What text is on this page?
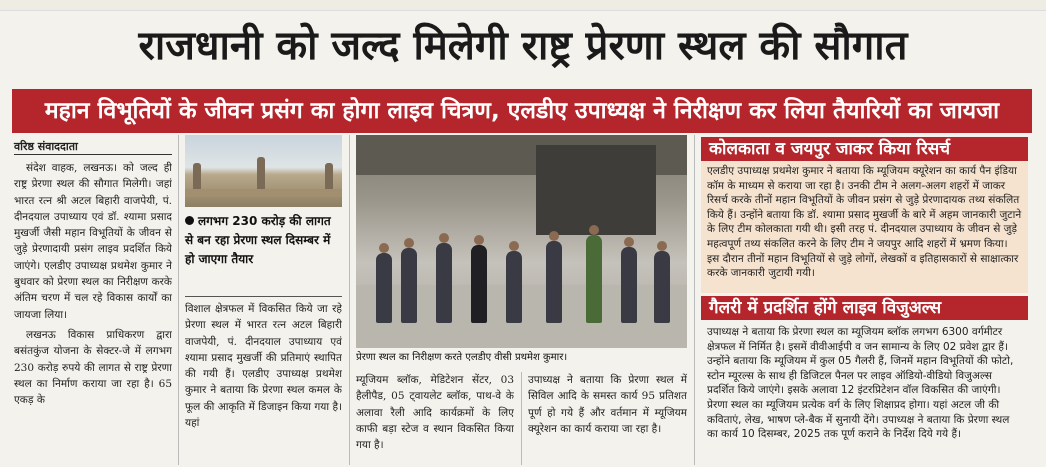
राजधानी को जल्द मिलेगी राष्ट्र प्रेरणा स्थल की सौगात
महान विभूतियों के जीवन प्रसंग का होगा लाइव चित्रण, एलडीए उपाध्यक्ष ने निरीक्षण कर लिया तैयारियों का जायजा
वरिष्ठ संवाददाता
संदेश वाहक, लखनऊ। को जल्द ही राष्ट्र प्रेरणा स्थल की सौगात मिलेगी। जहां भारत रत्न श्री अटल बिहारी वाजपेयी, पं. दीनदयाल उपाध्याय एवं डॉ. श्यामा प्रसाद मुखर्जी जैसी महान विभूतियों के जीवन से जुड़े प्रेरणादायी प्रसंग लाइव प्रदर्शित किये जाएंगे। एलडीए उपाध्यक्ष प्रथमेश कुमार ने बुधवार को प्रेरणा स्थल का निरीक्षण करके अंतिम चरण में चल रहे विकास कार्यों का जायजा लिया।
लखनऊ विकास प्राधिकरण द्वारा बसंतकुंज योजना के सेक्टर-जे में लगभग 230 करोड़ रुपये की लागत से राष्ट्र प्रेरणा स्थल का निर्माण कराया जा रहा है। 65 एकड़ के
लगभग 230 करोड़ की लागत से बन रहा प्रेरणा स्थल दिसम्बर में हो जाएगा तैयार
विशाल क्षेत्रफल में विकसित किये जा रहे प्रेरणा स्थल में भारत रत्न अटल बिहारी वाजपेयी, पं. दीनदयाल उपाध्याय एवं श्यामा प्रसाद मुखर्जी की प्रतिमाएं स्थापित की गयी हैं। एलडीए उपाध्यक्ष प्रथमेश कुमार ने बताया कि प्रेरणा स्थल कमल के फूल की आकृति में डिजाइन किया गया है। यहां
प्रेरणा स्थल का निरीक्षण करते एलडीए वीसी प्रथमेश कुमार।
म्यूजियम ब्लॉक, मेडिटेशन सेंटर, 03 हैलीपैड, 05 ट्वायलेट ब्लॉक, पाथ-वे के अलावा रैली आदि कार्यक्रमों के लिए काफी बड़ा स्टेज व स्थान विकसित किया गया है।
उपाध्यक्ष ने बताया कि प्रेरणा स्थल में सिविल आदि के समस्त कार्य 95 प्रतिशत पूर्ण हो गये हैं और वर्तमान में म्यूजियम क्यूरेशन का कार्य कराया जा रहा है।
कोलकाता व जयपुर जाकर किया रिसर्च
एलडीए उपाध्यक्ष प्रथमेश कुमार ने बताया कि म्यूजियम क्यूरेशन का कार्य पैन इंडिया कॉम के माध्यम से कराया जा रहा है। उनकी टीम ने अलग-अलग शहरों में जाकर रिसर्च करके तीनों महान विभूतियों के जीवन प्रसंग से जुड़े प्रेरणादायक तथ्य संकलित किये हैं। उन्होंने बताया कि डॉ. श्यामा प्रसाद मुखर्जी के बारे में अहम जानकारी जुटाने के लिए टीम कोलकाता गयी थी। इसी तरह पं. दीनदयाल उपाध्याय के जीवन से जुड़े महत्वपूर्ण तथ्य संकलित करने के लिए टीम ने जयपुर आदि शहरों में भ्रमण किया। इस दौरान तीनों महान विभूतियों से जुड़े लोगों, लेखकों व इतिहासकारों से साक्षात्कार करके जानकारी जुटायी गयी।
गैलरी में प्रदर्शित होंगे लाइव विजुअल्स
उपाध्यक्ष ने बताया कि प्रेरणा स्थल का म्यूजियम ब्लॉक लगभग 6300 वर्गमीटर क्षेत्रफल में निर्मित है। इसमें वीवीआईपी व जन सामान्य के लिए 02 प्रवेश द्वार हैं। उन्होंने बताया कि म्यूजियम में कुल 05 गैलरी हैं, जिनमें महान विभूतियों की फोटो, स्टोन म्यूरल्स के साथ ही डिजिटल पैनल पर लाइव ऑडियो-वीडियो विजुअल्स प्रदर्शित किये जाएंगे। इसके अलावा 12 इंटरप्रिटेशन वॉल विकसित की जाएंगी। प्रेरणा स्थल का म्यूजियम प्रत्येक वर्ग के लिए शिक्षाप्रद होगा। यहां अटल जी की कविताएं, लेख, भाषण प्ले-बैक में सुनायी देंगे। उपाध्यक्ष ने बताया कि प्रेरणा स्थल का कार्य 10 दिसम्बर, 2025 तक पूर्ण कराने के निर्देश दिये गये हैं।
